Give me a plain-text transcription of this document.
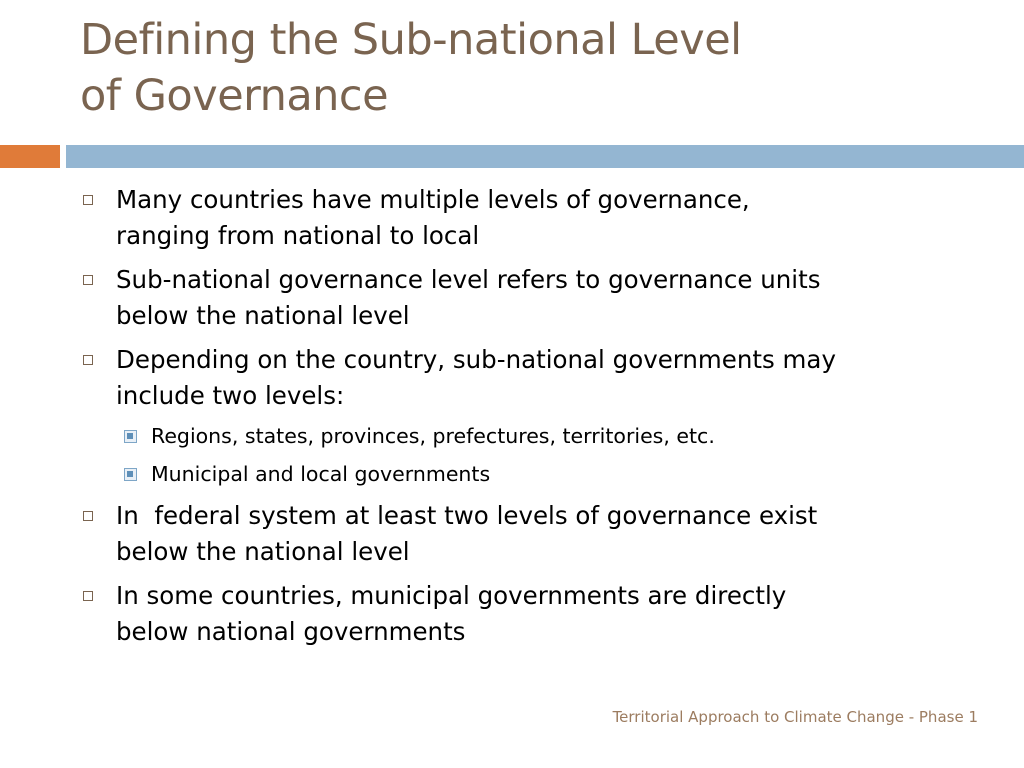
Defining the Sub-national Level
of Governance
Many countries have multiple levels of governance,
ranging from national to local
Sub-national governance level refers to governance units
below the national level
Depending on the country, sub-national governments may
include two levels:
Regions, states, provinces, prefectures, territories, etc.
Municipal and local governments
In  federal system at least two levels of governance exist
below the national level
In some countries, municipal governments are directly
below national governments
Territorial Approach to Climate Change - Phase 1
